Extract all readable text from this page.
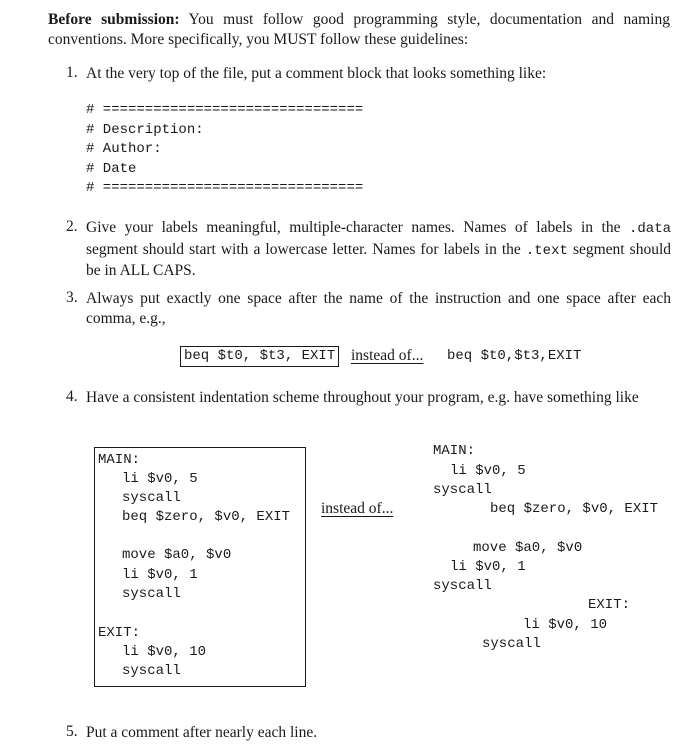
Before submission: You must follow good programming style, documentation and naming conventions. More specifically, you MUST follow these guidelines:
1. At the very top of the file, put a comment block that looks something like:
# ===============================
# Description:
# Author:
# Date
# ===============================
2. Give your labels meaningful, multiple-character names. Names of labels in the .data segment should start with a lowercase letter. Names for labels in the .text segment should be in ALL CAPS.
3. Always put exactly one space after the name of the instruction and one space after each comma, e.g.,
beq $t0, $t3, EXIT instead of... beq $t0,$t3,EXIT
4. Have a consistent indentation scheme throughout your program, e.g. have something like
MAIN:
li $v0, 5
syscall
beq $zero, $v0, EXIT
move $a0, $v0
li $v0, 1
syscall
EXIT:
li $v0, 10
syscall
instead of...
MAIN:
li $v0, 5
syscall
beq $zero, $v0, EXIT
move $a0, $v0
li $v0, 1
syscall
EXIT:
li $v0, 10
syscall
5. Put a comment after nearly each line.
